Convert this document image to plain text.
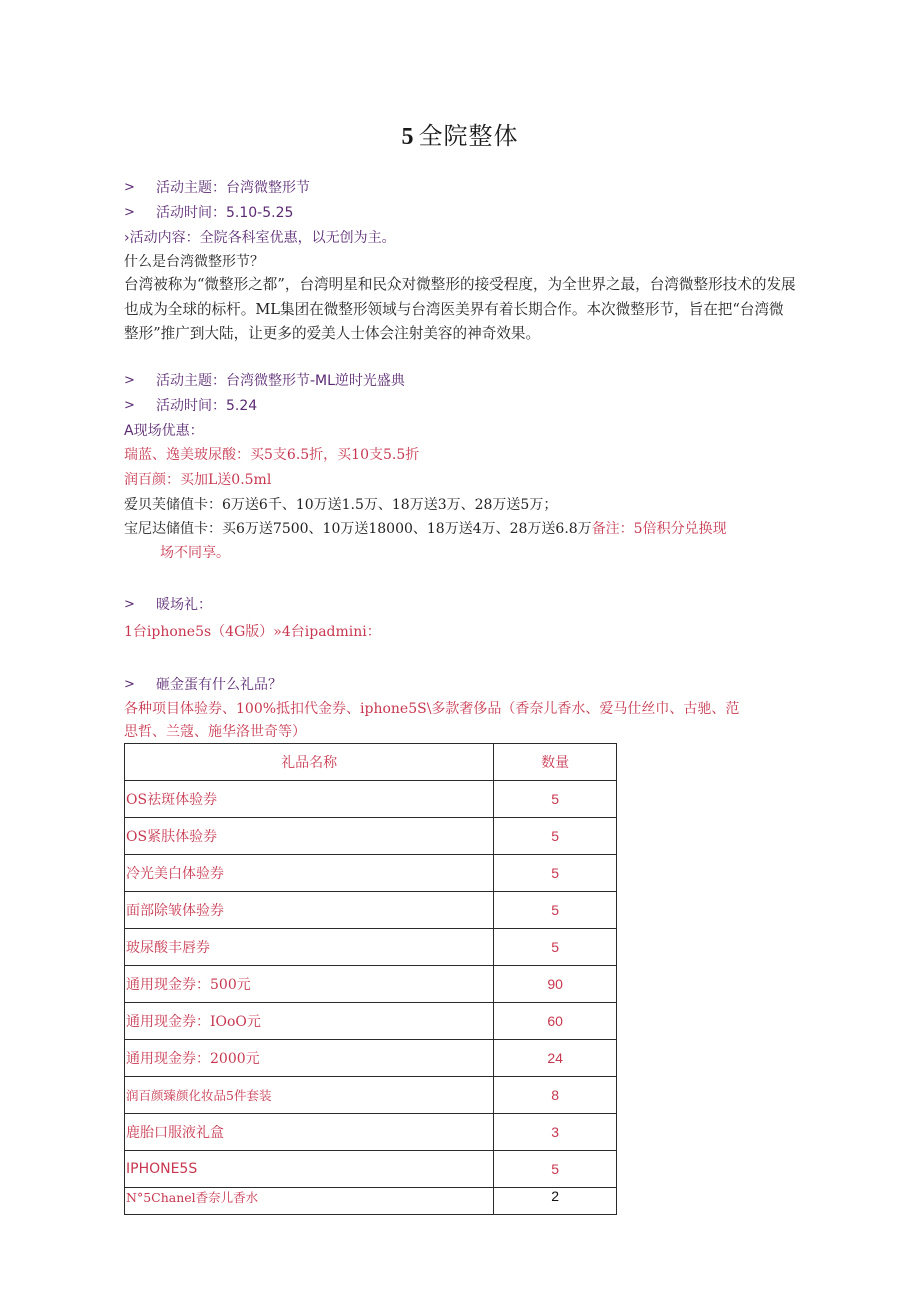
5 全院整体
>	活动主题：台湾微整形节
>	活动时间：5.10-5.25
›活动内容：全院各科室优惠，以无创为主。
什么是台湾微整形节？
台湾被称为“微整形之都”，台湾明星和民众对微整形的接受程度，为全世界之最，台湾微整形技术的发展也成为全球的标杆。ML集团在微整形领域与台湾医美界有着长期合作。本次微整形节，旨在把“台湾微整形”推广到大陆，让更多的爱美人士体会注射美容的神奇效果。
>	活动主题：台湾微整形节-ML逆时光盛典
>	活动时间：5.24
A现场优惠：
瑞蓝、逸美玻尿酸：买5支6.5折，买10支5.5折
润百颜：买加L送0.5ml
爱贝芙储值卡：6万送6千、10万送1.5万、18万送3万、28万送5万；
宝尼达储值卡：买6万送7500、10万送18000、18万送4万、28万送6.8万备注：5倍积分兑换现
场不同享。
>	暖场礼：
1台iphone5s（4G版）»4台ipadmini：
>	砸金蛋有什么礼品？
各种项目体验券、100%抵扣代金券、iphone5S\多款奢侈品（香奈儿香水、爱马仕丝巾、古驰、范
思哲、兰蔻、施华洛世奇等）
礼品名称	数量
OS祛斑体验券	5
OS紧肤体验券	5
冷光美白体验券	5
面部除皱体验券	5
玻尿酸丰唇券	5
通用现金券：500元	90
通用现金券：IOoO元	60
通用现金券：2000元	24
润百颜臻颜化妆品5件套装	8
鹿胎口服液礼盒	3
IPHONE5S	5
N°5Chanel香奈儿香水	2
